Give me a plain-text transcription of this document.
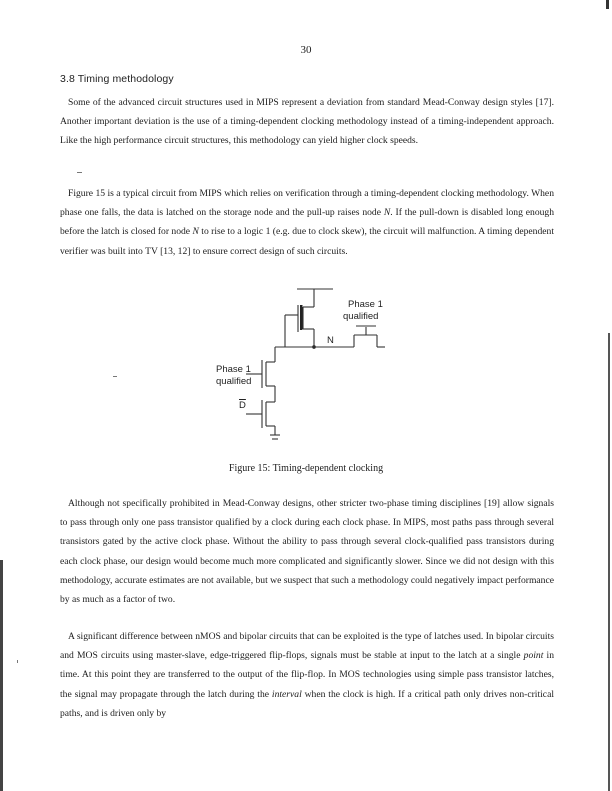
30
3.8 Timing methodology

Some of the advanced circuit structures used in MIPS represent a deviation from standard Mead-Conway design styles [17]. Another important deviation is the use of a timing-dependent clocking methodology instead of a timing-independent approach. Like the high performance circuit structures, this methodology can yield higher clock speeds.

Figure 15 is a typical circuit from MIPS which relies on verification through a timing-dependent clocking methodology. When phase one falls, the data is latched on the storage node and the pull-up raises node N. If the pull-down is disabled long enough before the latch is closed for node N to rise to a logic 1 (e.g. due to clock skew), the circuit will malfunction. A timing dependent verifier was built into TV [13, 12] to ensure correct design of such circuits.

Phase 1
qualified
N
Phase 1
qualified
$\overline{D}$
Figure 15: Timing-dependent clocking

Although not specifically prohibited in Mead-Conway designs, other stricter two-phase timing disciplines [19] allow signals to pass through only one pass transistor qualified by a clock during each clock phase. In MIPS, most paths pass through several transistors gated by the active clock phase. Without the ability to pass through several clock-qualified pass transistors during each clock phase, our design would become much more complicated and significantly slower. Since we did not design with this methodology, accurate estimates are not available, but we suspect that such a methodology could negatively impact performance by as much as a factor of two.

A significant difference between nMOS and bipolar circuits that can be exploited is the type of latches used. In bipolar circuits and MOS circuits using master-slave, edge-triggered flip-flops, signals must be stable at input to the latch at a single point in time. At this point they are transferred to the output of the flip-flop. In MOS technologies using simple pass transistor latches, the signal may propagate through the latch during the interval when the clock is high. If a critical path only drives non-critical paths, and is driven only by
